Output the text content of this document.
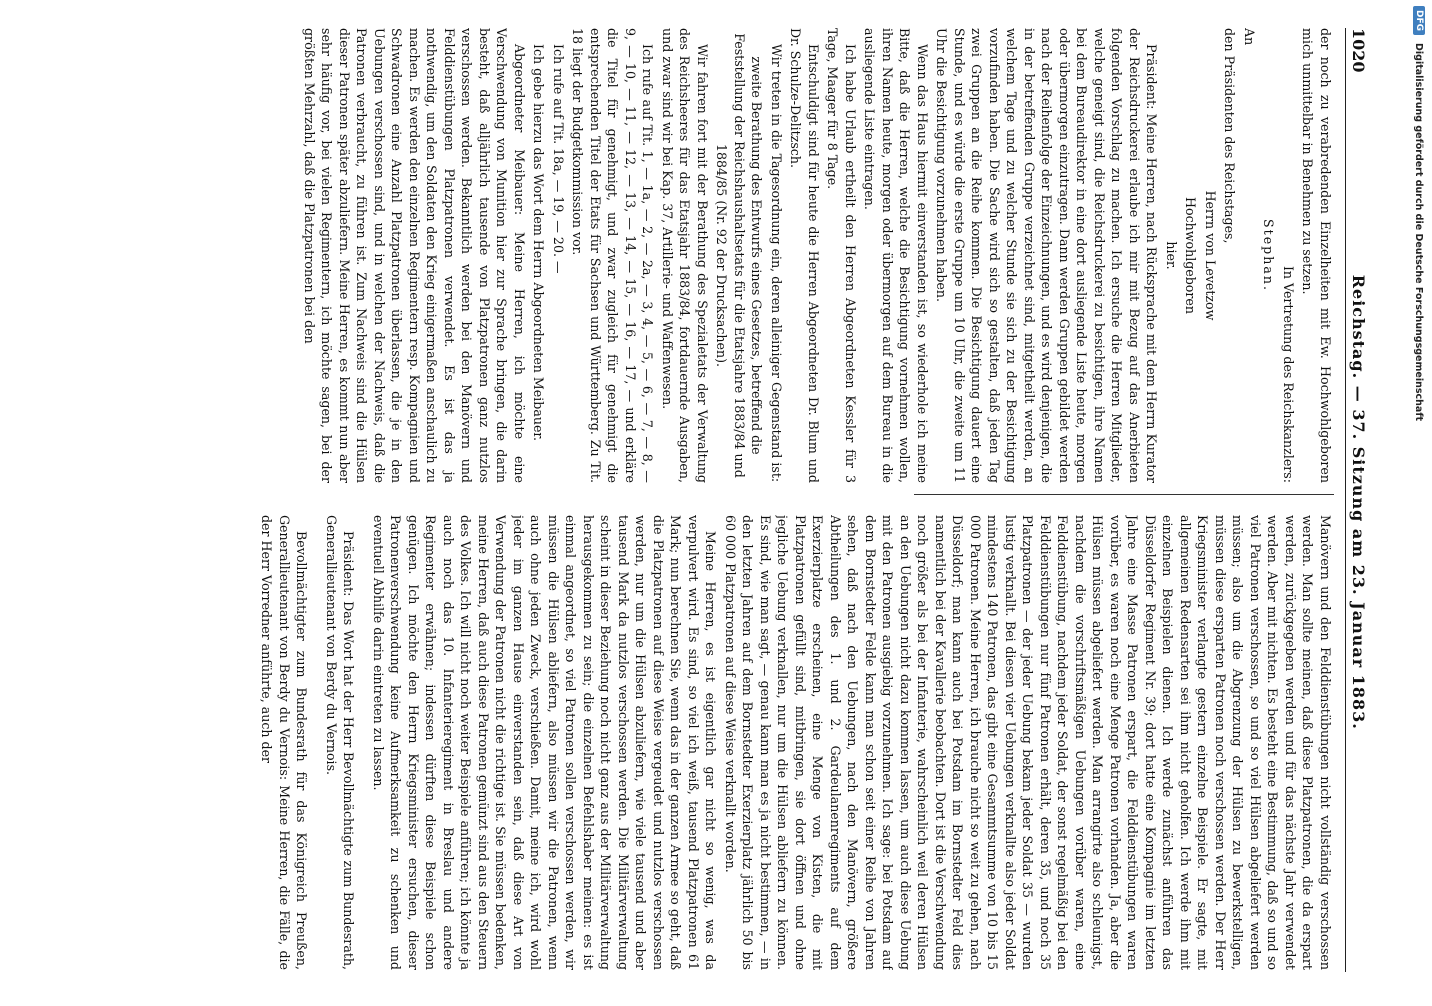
1020
Reichstag. — 37. Sitzung am 23. Januar 1883.

der noch zu verabredenden Einzelheiten mit Ew. Hochwohlgeboren mich unmittelbar in Benehmen zu setzen.

In Vertretung des Reichskanzlers:

Stephan.

An

den Präsidenten des Reichstages,

Herrn von Levetzow

Hochwohlgeboren

hier.

Präsident: Meine Herren, nach Rücksprache mit dem Herrn Kurator der Reichsdruckerei erlaube ich mir mit Bezug auf das Anerbieten folgenden Vorschlag zu machen. Ich ersuche die Herren Mitglieder, welche geneigt sind, die Reichsdruckerei zu besichtigen, ihre Namen bei dem Bureaudirektor in eine dort ausliegende Liste heute, morgen oder übermorgen einzutragen. Dann werden Gruppen gebildet werden nach der Reihenfolge der Einzeichnungen, und es wird denjenigen, die in der betreffenden Gruppe verzeichnet sind, mitgetheilt werden, an welchem Tage und zu welcher Stunde sie sich zu der Besichtigung vorzufinden haben. Die Sache wird sich so gestalten, daß jeden Tag zwei Gruppen an die Reihe kommen. Die Besichtigung dauert eine Stunde, und es würde die erste Gruppe um 10 Uhr, die zweite um 11 Uhr die Besichtigung vorzunehmen haben.

Wenn das Haus hiermit einverstanden ist, so wiederhole ich meine Bitte, daß die Herren, welche die Besichtigung vornehmen wollen, ihren Namen heute, morgen oder übermorgen auf dem Bureau in die ausliegende Liste eintragen.

Ich habe Urlaub ertheilt den Herren Abgeordneten Kessler für 3 Tage, Maager für 8 Tage.

Entschuldigt sind für heute die Herren Abgeordneten Dr. Blum und Dr. Schulze-Delitzsch.

Wir treten in die Tagesordnung ein, deren alleiniger Gegenstand ist:

zweite Berathung des Entwurfs eines Gesetzes, betreffend die Feststellung der Reichshaushaltsetats für die Etatsjahre 1883/84 und 1884/85 (Nr. 92 der Drucksachen).

Wir fahren fort mit der Berathung des Spezialetats der Verwaltung des Reichsheeres für das Etatsjahr 1883/84, fortdauernde Ausgaben, und zwar sind wir bei Kap. 37, Artillerie- und Waffenwesen.

Ich rufe auf Tit. 1, — 1a, — 2, — 2a, — 3, 4, — 5, — 6, — 7, — 8, — 9, — 10, — 11, — 12, — 13, — 14, — 15, — 16, — 17, — und erkläre die Titel für genehmigt, und zwar zugleich für genehmigt die entsprechenden Titel der Etats für Sachsen und Württemberg. Zu Tit. 18 liegt der Budgetkommission vor.

Ich rufe auf Tit. 18a, — 19, — 20. —

Ich gebe hierzu das Wort dem Herrn Abgeordneten Meibauer.

Abgeordneter Meibauer: Meine Herren, ich möchte eine Verschwendung von Munition hier zur Sprache bringen, die darin besteht, daß alljährlich tausende von Platzpatronen ganz nutzlos verschossen werden. Bekanntlich werden bei den Manövern und Felddienstübungen Platzpatronen verwendet. Es ist das ja nothwendig, um den Soldaten den Krieg einigermaßen anschaulich zu machen. Es werden den einzelnen Regimentern resp. Kompagnien und Schwadronen eine Anzahl Platzpatronen überlassen, die je in den Uebungen verschossen sind, und in welchen der Nachweis, daß die Patronen verbraucht, zu führen ist. Zum Nachweis sind die Hülsen dieser Patronen später abzuliefern. Meine Herren, es kommt nun aber sehr häufig vor, bei vielen Regimentern, ich möchte sagen, bei der größten Mehrzahl, daß die Platzpatronen bei den

Manövern und den Felddienstübungen nicht vollständig verschossen werden. Man sollte meinen, daß diese Platzpatronen, die da erspart werden, zurückgegeben werden und für das nächste Jahr verwendet werden. Aber mit nichten. Es besteht eine Bestimmung, daß so und so viel Patronen verschossen, so und so viel Hülsen abgeliefert werden müssen; also um die Abgrenzung der Hülsen zu bewerkstelligen, müssen diese ersparten Patronen noch verschossen werden. Der Herr Kriegsminister verlangte gestern einzelne Beispiele. Er sagte, mit allgemeinen Redensarten sei ihm nicht geholfen. Ich werde ihm mit einzelnen Beispielen dienen. Ich werde zunächst anführen das Düsseldorfer Regiment Nr. 39; dort hatte eine Kompagnie im letzten Jahre eine Masse Patronen erspart, die Felddienstübungen waren vorüber, es waren noch eine Menge Patronen vorhanden. Ja, aber die Hülsen müssen abgeliefert werden. Man arrangirte also schleunigst, nachdem die vorschriftsmäßigen Uebungen vorüber waren, eine Felddienstübung, nachdem jeder Soldat, der sonst regelmäßig bei den Felddienstübungen nur fünf Patronen erhält, deren 35, und noch 35 Platzpatronen — der jeder Uebung bekam jeder Soldat 35 — wurden lustig verknallt. Bei diesen vier Uebungen verknallte also jeder Soldat mindestens 140 Patronen, das gibt eine Gesammtsumme von 10 bis 15 000 Patronen. Meine Herren, ich brauche nicht so weit zu gehen, nach Düsseldorf; man kann auch bei Potsdam im Bornstedter Feld dies namentlich bei der Kavallerie beobachten. Dort ist die Verschwendung noch größer als bei der Infanterie, wahrscheinlich weil deren Hülsen an den Uebungen nicht dazu kommen lassen, um auch diese Uebung mit den Patronen ausgiebig vorzunehmen. Ich sage: bei Potsdam auf dem Bornstedter Felde kann man schon seit einer Reihe von Jahren sehen, daß nach den Uebungen, nach den Manövern, größere Abtheilungen des 1. und 2. Gardeulanenregiments auf dem Exerzierplatze erscheinen, eine Menge von Kisten, die mit Platzpatronen gefüllt sind, mitbringen, sie dort öffnen und ohne jegliche Uebung verknallen, nur um die Hülsen abliefern zu können. Es sind, wie man sagt, — genau kann man es ja nicht bestimmen, — in den letzten Jahren auf dem Bornstedter Exerzierplatz jährlich 50 bis 60 000 Platzpatronen auf diese Weise verknallt worden.

Meine Herren, es ist eigentlich gar nicht so wenig, was da verpulvert wird. Es sind, so viel ich weiß, tausend Platzpatronen 61 Mark; nun berechnen Sie, wenn das in der ganzen Armee so geht, daß die Platzpatronen auf diese Weise vergeudet und nutzlos verschossen werden, nur um die Hülsen abzuliefern, wie viele tausend und aber tausend Mark da nutzlos verschossen werden. Die Militärverwaltung scheint in dieser Beziehung noch nicht ganz aus der Militärverwaltung herausgekommen zu sein; die einzelnen Befehlshaber meinen: es ist einmal angeordnet, so viel Patronen sollen verschossen werden, wir müssen die Hülsen abliefern, also müssen wir die Patronen, wenn auch ohne jeden Zweck, verschießen. Damit, meine ich, wird wohl jeder im ganzen Hause einverstanden sein, daß diese Art von Verwendung der Patronen nicht die richtige ist. Sie müssen bedenken, meine Herren, daß auch diese Patronen gemünzt sind aus den Steuern des Volkes. Ich will nicht noch weiter Beispiele anführen; ich könnte ja auch noch das 10. Infanterieregiment in Breslau und andere Regimenter erwähnen; indessen dürften diese Beispiele schon genügen. Ich möchte den Herrn Kriegsminister ersuchen, dieser Patronenverschwendung keine Aufmerksamkeit zu schenken und eventuell Abhilfe darin eintreten zu lassen.

Präsident: Das Wort hat der Herr Bevollmächtigte zum Bundesrath, Generallieutenant von Berdy du Vernois.

Bevollmächtigter zum Bundesrath für das Königreich Preußen, Generallieutenant von Berdy du Vernois: Meine Herren, die Fälle, die der Herr Vorredner anführte, auch der

DFG
Digitalisierung gefördert durch die Deutsche Forschungsgemeinschaft
